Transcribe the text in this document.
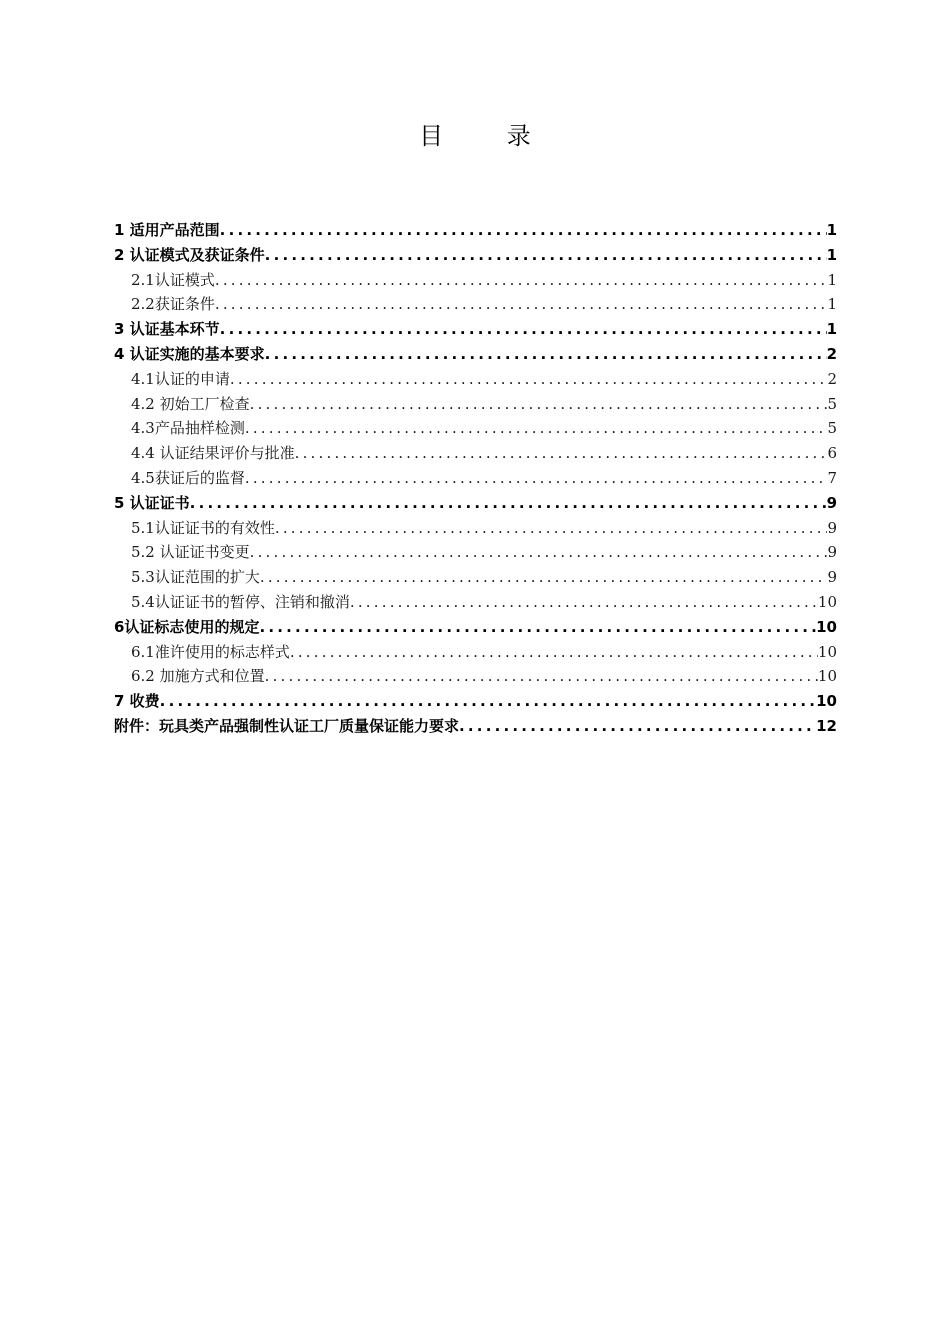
目 录
1 适用产品范围 .....	1
2 认证模式及获证条件 .....	1
2.1认证模式 .....	1
2.2获证条件 .....	1
3 认证基本环节 .....	1
4 认证实施的基本要求 .....	2
4.1认证的申请 .....	2
4.2 初始工厂检查 .....	5
4.3产品抽样检测 .....	5
4.4 认证结果评价与批准 .....	6
4.5获证后的监督 .....	7
5 认证证书 .....	9
5.1认证证书的有效性 .....	9
5.2 认证证书变更 .....	9
5.3认证范围的扩大 .....	9
5.4认证证书的暂停、注销和撤消 .....	10
6认证标志使用的规定 .....	10
6.1准许使用的标志样式 .....	10
6.2 加施方式和位置 .....	10
7 收费 .....	10
附件：玩具类产品强制性认证工厂质量保证能力要求 .....	12
